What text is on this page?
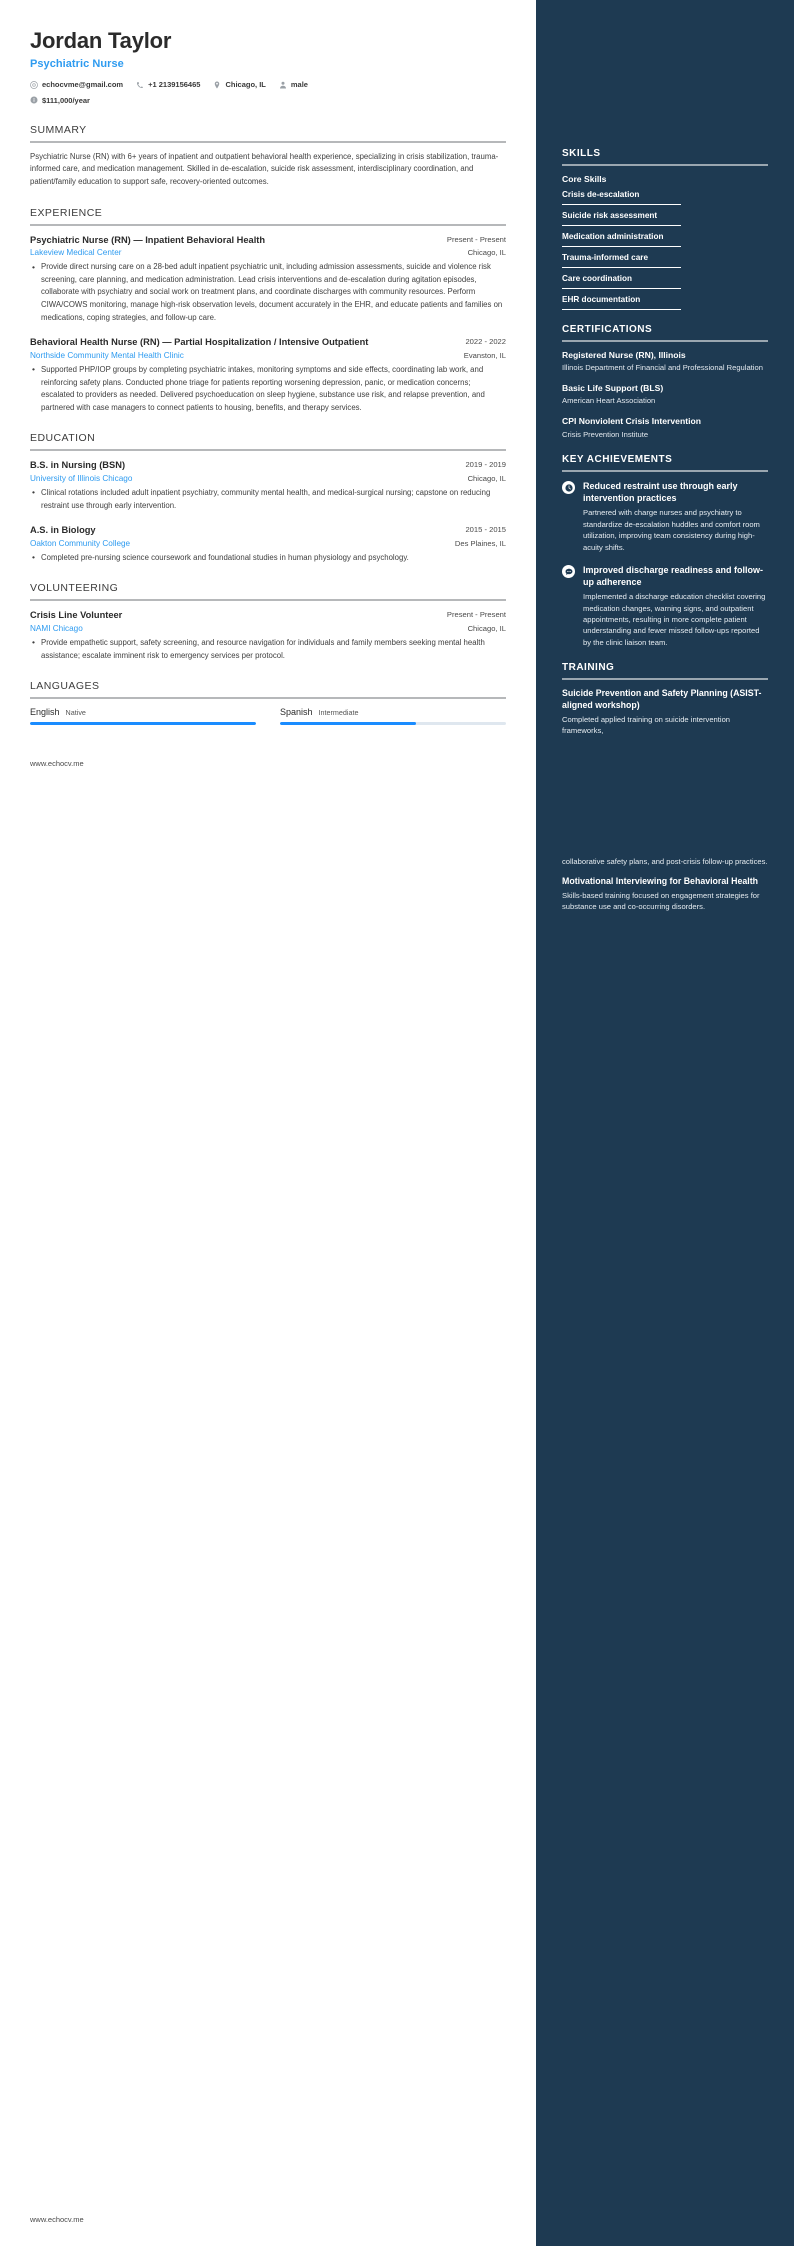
Jordan Taylor
Psychiatric Nurse
echocvme@gmail.com	+1 2139156465	Chicago, IL	male
$111,000/year
SUMMARY
Psychiatric Nurse (RN) with 6+ years of inpatient and outpatient behavioral health experience, specializing in crisis stabilization, trauma-informed care, and medication management. Skilled in de-escalation, suicide risk assessment, interdisciplinary coordination, and patient/family education to support safe, recovery-oriented outcomes.
EXPERIENCE
Psychiatric Nurse (RN) — Inpatient Behavioral Health	Present - Present
Lakeview Medical Center	Chicago, IL
• Provide direct nursing care on a 28-bed adult inpatient psychiatric unit, including admission assessments, suicide and violence risk screening, care planning, and medication administration. Lead crisis interventions and de-escalation during agitation episodes, collaborate with psychiatry and social work on treatment plans, and coordinate discharges with community resources. Perform CIWA/COWS monitoring, manage high-risk observation levels, document accurately in the EHR, and educate patients and families on medications, coping strategies, and follow-up care.
Behavioral Health Nurse (RN) — Partial Hospitalization / Intensive Outpatient	2022 - 2022
Northside Community Mental Health Clinic	Evanston, IL
• Supported PHP/IOP groups by completing psychiatric intakes, monitoring symptoms and side effects, coordinating lab work, and reinforcing safety plans. Conducted phone triage for patients reporting worsening depression, panic, or medication concerns; escalated to providers as needed. Delivered psychoeducation on sleep hygiene, substance use risk, and relapse prevention, and partnered with case managers to connect patients to housing, benefits, and therapy services.
EDUCATION
B.S. in Nursing (BSN)	2019 - 2019
University of Illinois Chicago	Chicago, IL
• Clinical rotations included adult inpatient psychiatry, community mental health, and medical-surgical nursing; capstone on reducing restraint use through early intervention.
A.S. in Biology	2015 - 2015
Oakton Community College	Des Plaines, IL
• Completed pre-nursing science coursework and foundational studies in human physiology and psychology.
VOLUNTEERING
Crisis Line Volunteer	Present - Present
NAMI Chicago	Chicago, IL
• Provide empathetic support, safety screening, and resource navigation for individuals and family members seeking mental health assistance; escalate imminent risk to emergency services per protocol.
LANGUAGES
English Native	Spanish Intermediate
www.echocv.me
www.echocv.me
SKILLS
Core Skills
Crisis de-escalation
Suicide risk assessment
Medication administration
Trauma-informed care
Care coordination
EHR documentation
CERTIFICATIONS
Registered Nurse (RN), Illinois
Illinois Department of Financial and Professional Regulation
Basic Life Support (BLS)
American Heart Association
CPI Nonviolent Crisis Intervention
Crisis Prevention Institute
KEY ACHIEVEMENTS
Reduced restraint use through early intervention practices
Partnered with charge nurses and psychiatry to standardize de-escalation huddles and comfort room utilization, improving team consistency during high-acuity shifts.
Improved discharge readiness and follow-up adherence
Implemented a discharge education checklist covering medication changes, warning signs, and outpatient appointments, resulting in more complete patient understanding and fewer missed follow-ups reported by the clinic liaison team.
TRAINING
Suicide Prevention and Safety Planning (ASIST-aligned workshop)
Completed applied training on suicide intervention frameworks,
collaborative safety plans, and post-crisis follow-up practices.
Motivational Interviewing for Behavioral Health
Skills-based training focused on engagement strategies for substance use and co-occurring disorders.
